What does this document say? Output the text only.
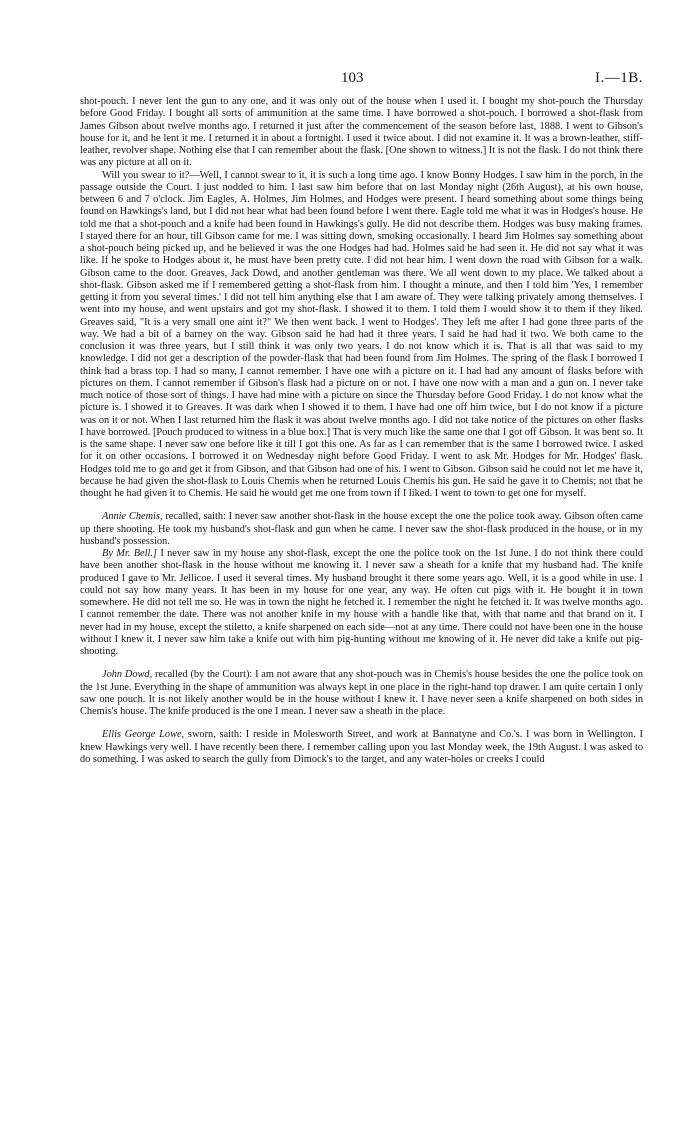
103	I.—1B.

shot-pouch. I never lent the gun to any one, and it was only out of the house when I used it. I bought my shot-pouch the Thursday before Good Friday. I bought all sorts of ammunition at the same time. I have borrowed a shot-pouch. I borrowed a shot-flask from James Gibson about twelve months ago. I returned it just after the commencement of the season before last, 1888. I went to Gibson's house for it, and he lent it me. I returned it in about a fortnight. I used it twice about. I did not examine it. It was a brown-leather, stiff-leather, revolver shape. Nothing else that I can remember about the flask. [One shown to witness.] It is not the flask. I do not think there was any picture at all on it.

Will you swear to it?—Well, I cannot swear to it, it is such a long time ago. I know Bonny Hodges. I saw him in the porch, in the passage outside the Court. I just nodded to him. I last saw him before that on last Monday night (26th August), at his own house, between 6 and 7 o'clock. Jim Eagles, A. Holmes, Jim Holmes, and Hodges were present. I heard something about some things being found on Hawkings's land, but I did not hear what had been found before I went there. Eagle told me what it was in Hodges's house. He told me that a shot-pouch and a knife had been found in Hawkings's gully. He did not describe them. Hodges was busy making frames. I stayed there for an hour, till Gibson came for me. I was sitting down, smoking occasionally. I heard Jim Holmes say something about a shot-pouch being picked up, and he believed it was the one Hodges had had. Holmes said he had seen it. He did not say what it was like. If he spoke to Hodges about it, he must have been pretty cute. I did not hear him. I went down the road with Gibson for a walk. Gibson came to the door. Greaves, Jack Dowd, and another gentleman was there. We all went down to my place. We talked about a shot-flask. Gibson asked me if I remembered getting a shot-flask from him. I thought a minute, and then I told him 'Yes, I remember getting it from you several times.' I did not tell him anything else that I am aware of. They were talking privately among themselves. I went into my house, and went upstairs and got my shot-flask. I showed it to them. I told them I would show it to them if they liked. Greaves said, "It is a very small one aint it?" We then went back. I went to Hodges'. They left me after I had gone three parts of the way. We had a bit of a barney on the way. Gibson said he had had it three years. I said he had had it two. We both came to the conclusion it was three years, but I still think it was only two years. I do not know which it is. That is all that was said to my knowledge. I did not get a description of the powder-flask that had been found from Jim Holmes. The spring of the flask I borrowed I think had a brass top. I had so many, I cannot remember. I have one with a picture on it. I had had any amount of flasks before with pictures on them. I cannot remember if Gibson's flask had a picture on or not. I have one now with a man and a gun on. I never take much notice of those sort of things. I have had mine with a picture on since the Thursday before Good Friday. I do not know what the picture is. I showed it to Greaves. It was dark when I showed it to them. I have had one off him twice, but I do not know if a picture was on it or not. When I last returned him the flask it was about twelve months ago. I did not take notice of the pictures on other flasks I have borrowed. [Pouch produced to witness in a blue box.] That is very much like the same one that I got off Gibson. It was bent so. It is the same shape. I never saw one before like it till I got this one. As far as I can remember that is the same I borrowed twice. I asked for it on other occasions. I borrowed it on Wednesday night before Good Friday. I went to ask Mr. Hodges for Mr. Hodges' flask. Hodges told me to go and get it from Gibson, and that Gibson had one of his. I went to Gibson. Gibson said he could not let me have it, because he had given the shot-flask to Louis Chemis when he returned Louis Chemis his gun. He said he gave it to Chemis; not that he thought he had given it to Chemis. He said he would get me one from town if I liked. I went to town to get one for myself.

Annie Chemis, recalled, saith: I never saw another shot-flask in the house except the one the police took away. Gibson often came up there shooting. He took my husband's shot-flask and gun when he came. I never saw the shot-flask produced in the house, or in my husband's possession.

By Mr. Bell.] I never saw in my house any shot-flask, except the one the police took on the 1st June. I do not think there could have been another shot-flask in the house without me knowing it. I never saw a sheath for a knife that my husband had. The knife produced I gave to Mr. Jellicoe. I used it several times. My husband brought it there some years ago. Well, it is a good while in use. I could not say how many years. It has been in my house for one year, any way. He often cut pigs with it. He bought it in town somewhere. He did not tell me so. He was in town the night he fetched it. I remember the night he fetched it. It was twelve months ago. I cannot remember the date. There was not another knife in my house with a handle like that, with that name and that brand on it. I never had in my house, except the stiletto, a knife sharpened on each side—not at any time. There could not have been one in the house without I knew it. I never saw him take a knife out with him pig-hunting without me knowing of it. He never did take a knife out pig-shooting.

John Dowd, recalled (by the Court): I am not aware that any shot-pouch was in Chemis's house besides the one the police took on the 1st June. Everything in the shape of ammunition was always kept in one place in the right-hand top drawer. I am quite certain I only saw one pouch. It is not likely another would be in the house without I knew it. I have never seen a knife sharpened on both sides in Chemis's house. The knife produced is the one I mean. I never saw a sheath in the place.

Ellis George Lowe, sworn, saith: I reside in Molesworth Street, and work at Bannatyne and Co.'s. I was born in Wellington. I knew Hawkings very well. I have recently been there. I remember calling upon you last Monday week, the 19th August. I was asked to do something. I was asked to search the gully from Dimock's to the target, and any water-holes or creeks I could
